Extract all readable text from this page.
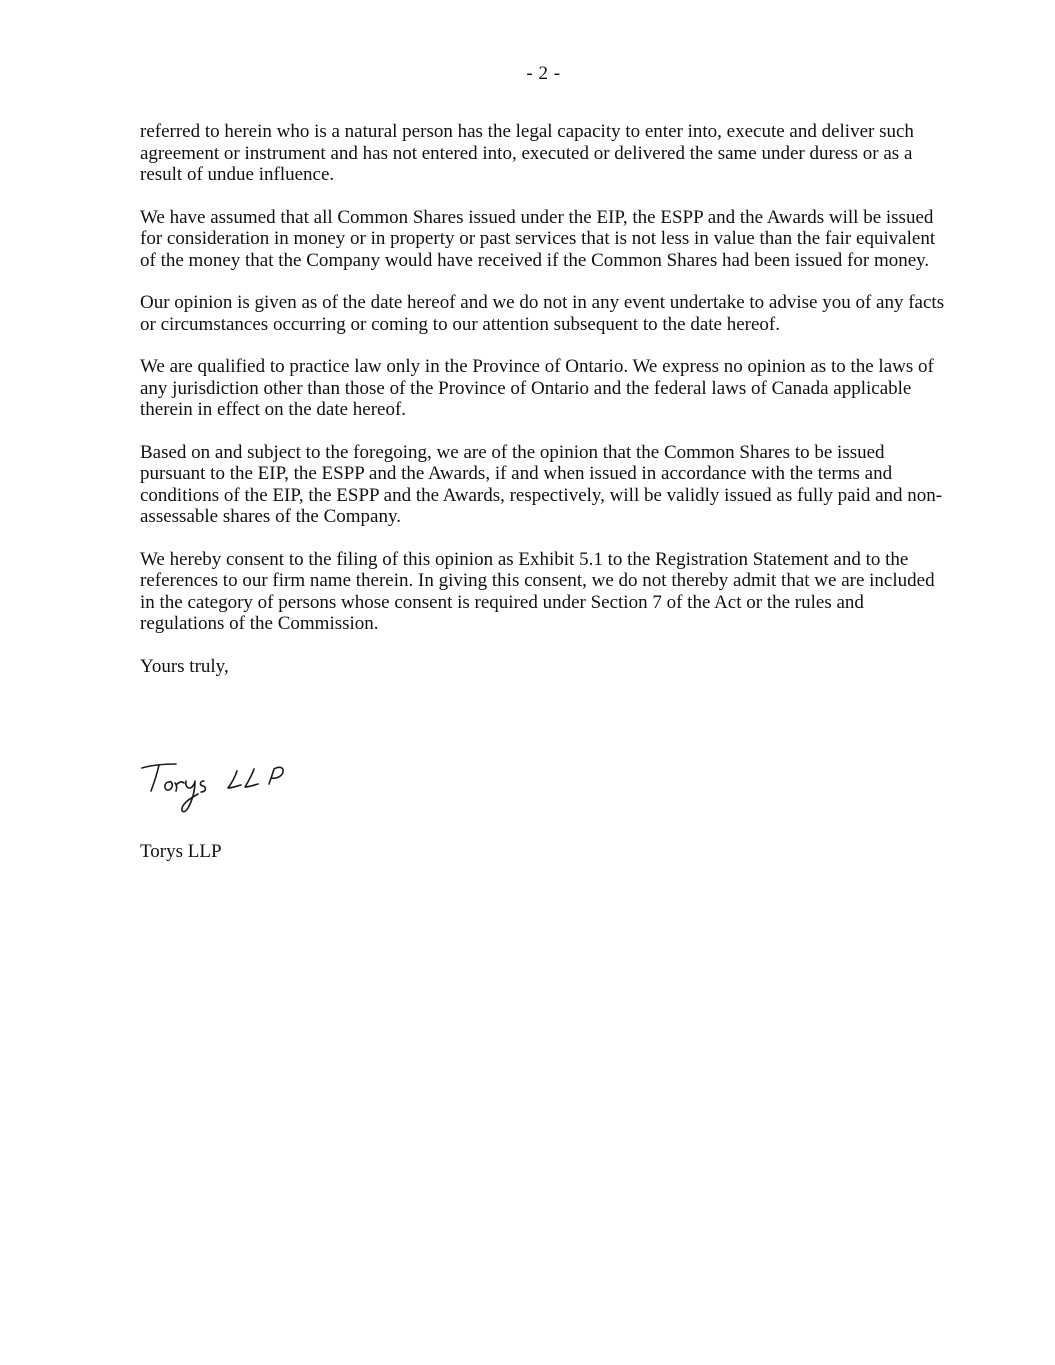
- 2 -

referred to herein who is a natural person has the legal capacity to enter into, execute and deliver such agreement or instrument and has not entered into, executed or delivered the same under duress or as a result of undue influence.

We have assumed that all Common Shares issued under the EIP, the ESPP and the Awards will be issued for consideration in money or in property or past services that is not less in value than the fair equivalent of the money that the Company would have received if the Common Shares had been issued for money.

Our opinion is given as of the date hereof and we do not in any event undertake to advise you of any facts or circumstances occurring or coming to our attention subsequent to the date hereof.

We are qualified to practice law only in the Province of Ontario. We express no opinion as to the laws of any jurisdiction other than those of the Province of Ontario and the federal laws of Canada applicable therein in effect on the date hereof.

Based on and subject to the foregoing, we are of the opinion that the Common Shares to be issued pursuant to the EIP, the ESPP and the Awards, if and when issued in accordance with the terms and conditions of the EIP, the ESPP and the Awards, respectively, will be validly issued as fully paid and non-assessable shares of the Company.

We hereby consent to the filing of this opinion as Exhibit 5.1 to the Registration Statement and to the references to our firm name therein. In giving this consent, we do not thereby admit that we are included in the category of persons whose consent is required under Section 7 of the Act or the rules and regulations of the Commission.

Yours truly,

Torys LLP
